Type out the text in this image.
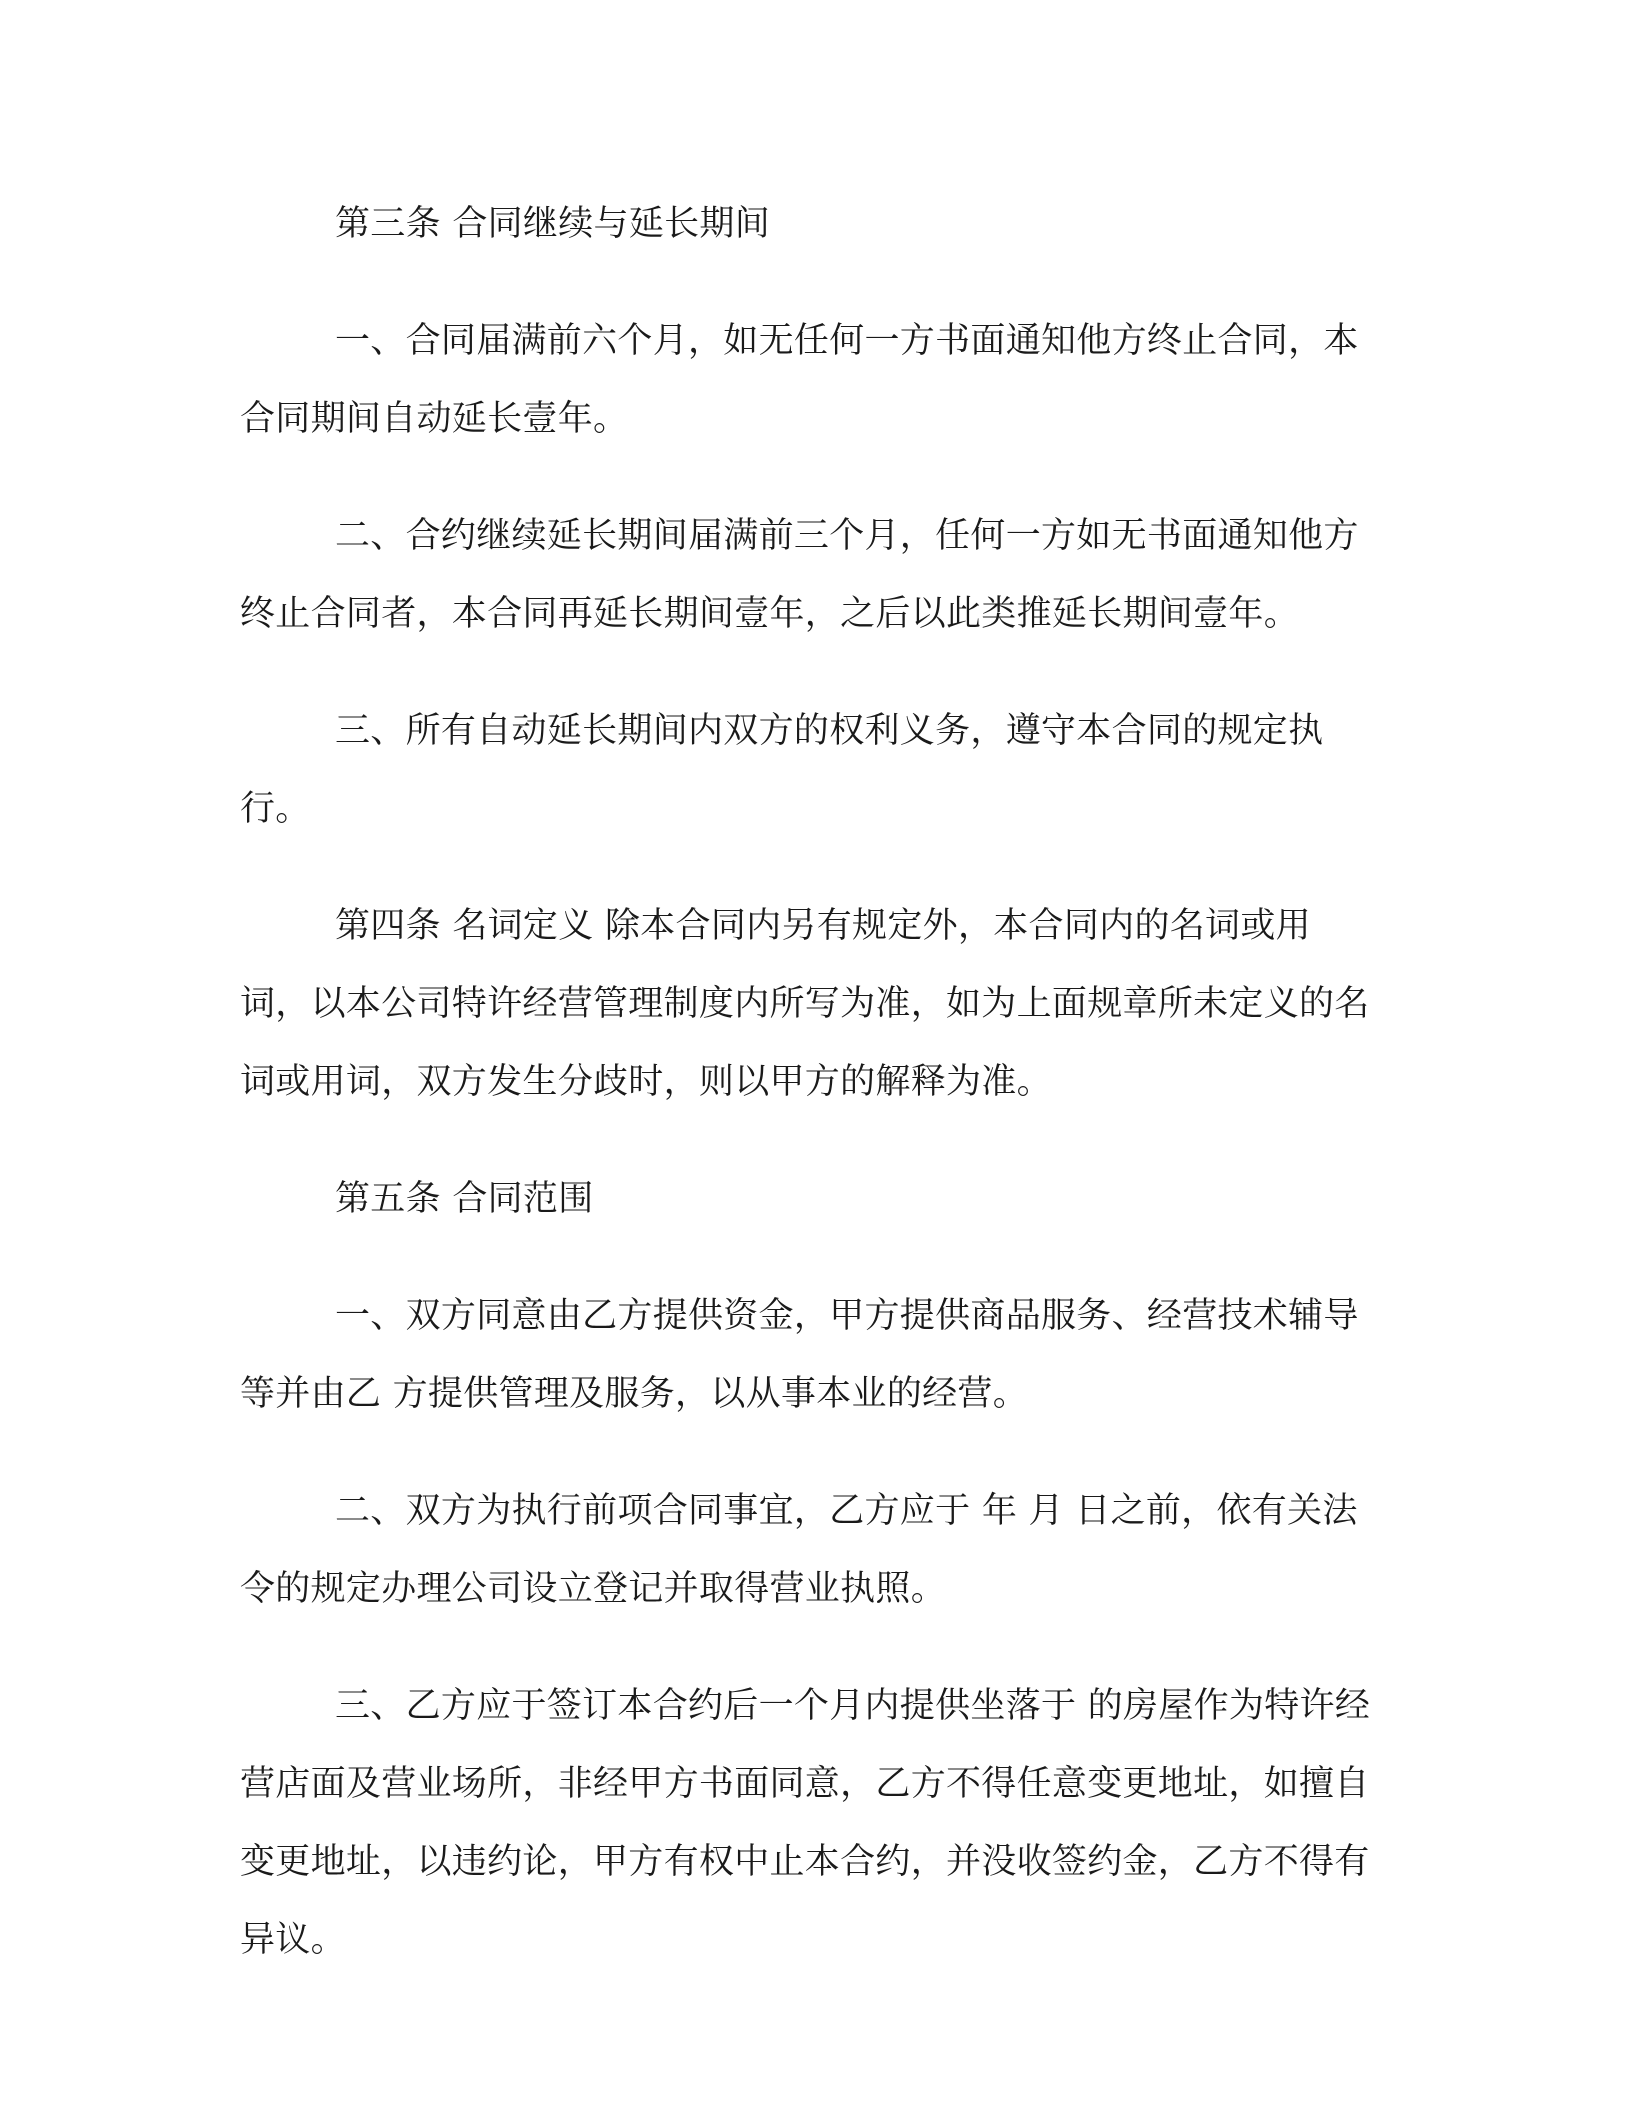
第三条 合同继续与延长期间

一、合同届满前六个月，如无任何一方书面通知他方终止合同，本合同期间自动延长壹年。

二、合约继续延长期间届满前三个月，任何一方如无书面通知他方终止合同者，本合同再延长期间壹年，之后以此类推延长期间壹年。

三、所有自动延长期间内双方的权利义务，遵守本合同的规定执行。

第四条 名词定义 除本合同内另有规定外，本合同内的名词或用词，以本公司特许经营管理制度内所写为准，如为上面规章所未定义的名词或用词，双方发生分歧时，则以甲方的解释为准。

第五条 合同范围

一、双方同意由乙方提供资金，甲方提供商品服务、经营技术辅导等并由乙 方提供管理及服务，以从事本业的经营。

二、双方为执行前项合同事宜，乙方应于 年 月 日之前，依有关法令的规定办理公司设立登记并取得营业执照。

三、乙方应于签订本合约后一个月内提供坐落于 的房屋作为特许经营店面及营业场所，非经甲方书面同意，乙方不得任意变更地址，如擅自变更地址，以违约论，甲方有权中止本合约，并没收签约金，乙方不得有异议。
